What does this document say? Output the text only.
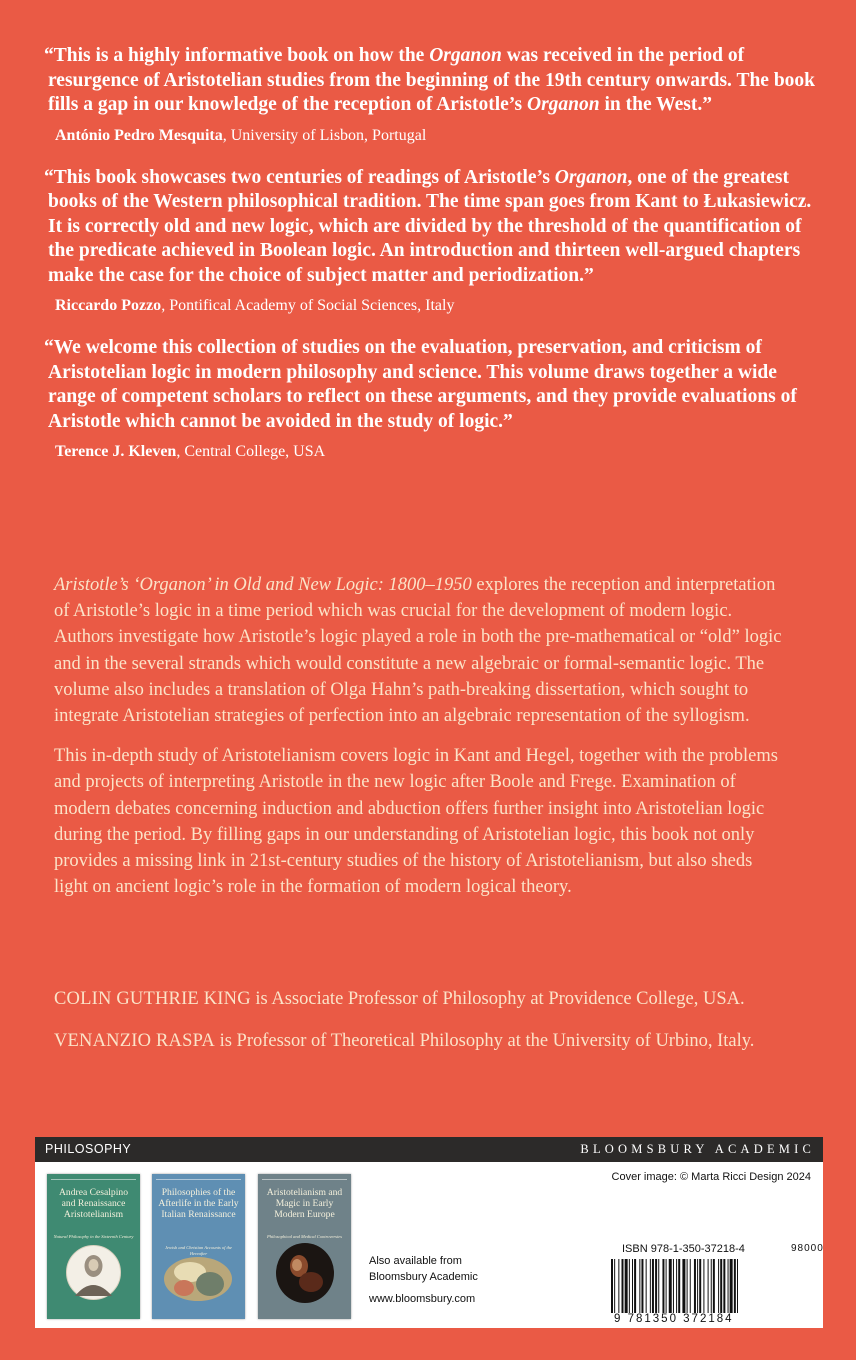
“This is a highly informative book on how the Organon was received in the period of resurgence of Aristotelian studies from the beginning of the 19th century onwards. The book fills a gap in our knowledge of the reception of Aristotle’s Organon in the West.”

António Pedro Mesquita, University of Lisbon, Portugal

“This book showcases two centuries of readings of Aristotle’s Organon, one of the greatest books of the Western philosophical tradition. The time span goes from Kant to Łukasiewicz. It is correctly old and new logic, which are divided by the threshold of the quantification of the predicate achieved in Boolean logic. An introduction and thirteen well-argued chapters make the case for the choice of subject matter and periodization.”

Riccardo Pozzo, Pontifical Academy of Social Sciences, Italy

“We welcome this collection of studies on the evaluation, preservation, and criticism of Aristotelian logic in modern philosophy and science. This volume draws together a wide range of competent scholars to reflect on these arguments, and they provide evaluations of Aristotle which cannot be avoided in the study of logic.”

Terence J. Kleven, Central College, USA

Aristotle’s ‘Organon’ in Old and New Logic: 1800–1950 explores the reception and interpretation of Aristotle’s logic in a time period which was crucial for the development of modern logic. Authors investigate how Aristotle’s logic played a role in both the pre-mathematical or “old” logic and in the several strands which would constitute a new algebraic or formal-semantic logic. The volume also includes a translation of Olga Hahn’s path-breaking dissertation, which sought to integrate Aristotelian strategies of perfection into an algebraic representation of the syllogism.

This in-depth study of Aristotelianism covers logic in Kant and Hegel, together with the problems and projects of interpreting Aristotle in the new logic after Boole and Frege. Examination of modern debates concerning induction and abduction offers further insight into Aristotelian logic during the period. By filling gaps in our understanding of Aristotelian logic, this book not only provides a missing link in 21st-century studies of the history of Aristotelianism, but also sheds light on ancient logic’s role in the formation of modern logical theory.

COLIN GUTHRIE KING is Associate Professor of Philosophy at Providence College, USA.

VENANZIO RASPA is Professor of Theoretical Philosophy at the University of Urbino, Italy.

PHILOSOPHY	BLOOMSBURY ACADEMIC
Andrea Cesalpino and Renaissance Aristotelianism
Natural Philosophy in the Sixteenth Century
Philosophies of the Afterlife in the Early Italian Renaissance
Jewish and Christian Accounts of the Hereafter
Aristotelianism and Magic in Early Modern Europe
Philosophical and Medical Controversies
Cover image: © Marta Ricci Design 2024
Also available from
Bloomsbury Academic
www.bloomsbury.com
ISBN 978-1-350-37218-4	98000
9 781350 372184
